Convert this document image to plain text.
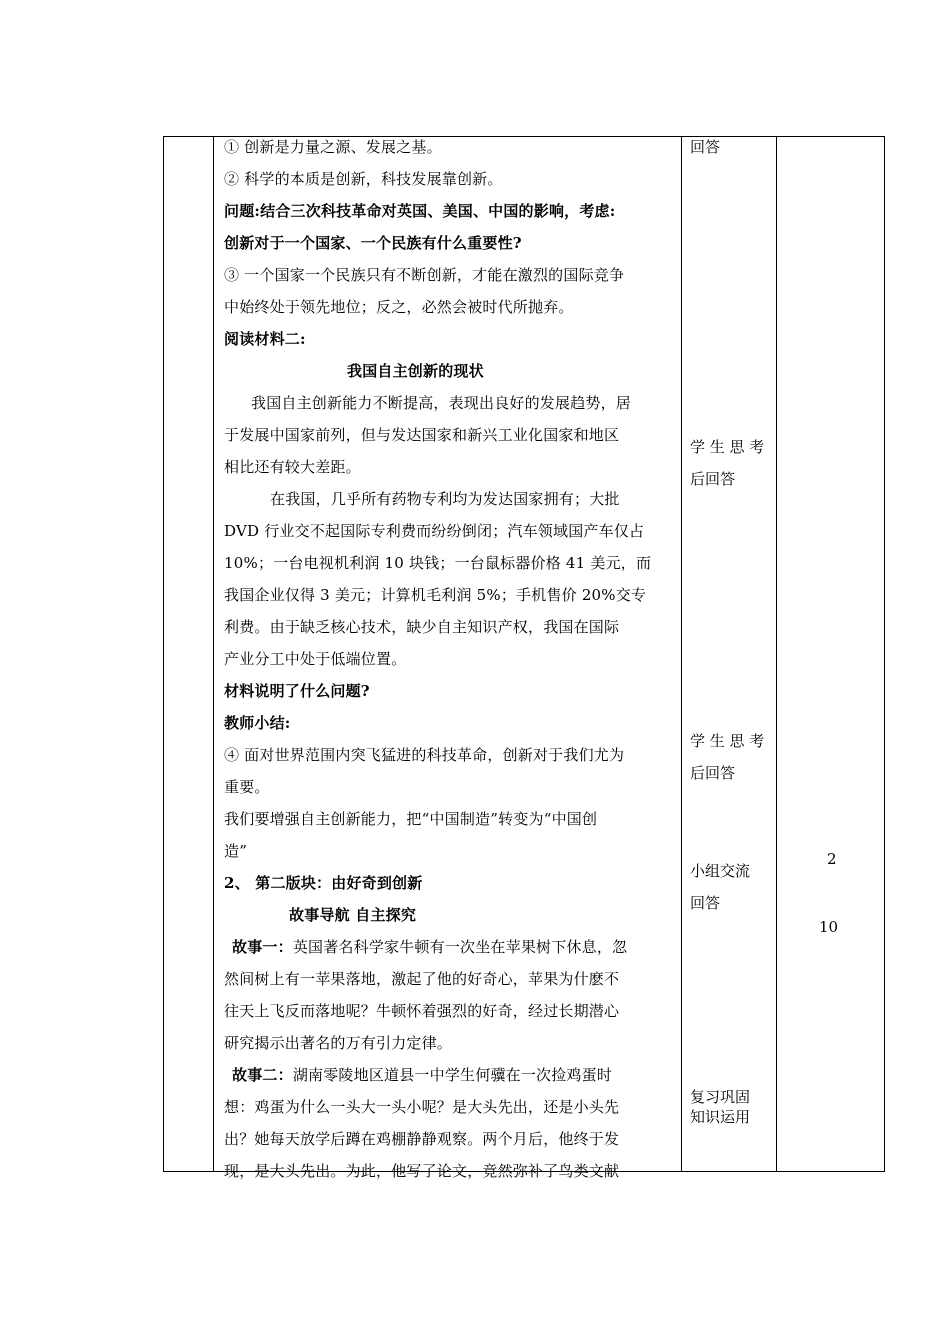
① 创新是力量之源、发展之基。
② 科学的本质是创新，科技发展靠创新。
问题:结合三次科技革命对英国、美国、中国的影响，考虑:
创新对于一个国家、一个民族有什么重要性?
③ 一个国家一个民族只有不断创新，才能在激烈的国际竞争
中始终处于领先地位；反之，必然会被时代所抛弃。
阅读材料二:
我国自主创新的现状
我国自主创新能力不断提高，表现出良好的发展趋势，居
于发展中国家前列，但与发达国家和新兴工业化国家和地区
相比还有较大差距。
在我国，几乎所有药物专利均为发达国家拥有；大批
DVD 行业交不起国际专利费而纷纷倒闭；汽车领域国产车仅占
10%；一台电视机利润 10 块钱；一台鼠标器价格 41 美元，而
我国企业仅得 3 美元；计算机毛利润 5%；手机售价 20%交专
利费。由于缺乏核心技术，缺少自主知识产权，我国在国际
产业分工中处于低端位置。
材料说明了什么问题?
教师小结:
④ 面对世界范围内突飞猛进的科技革命，创新对于我们尤为
重要。
我们要增强自主创新能力，把“中国制造”转变为“中国创
造”
2、 第二版块：由好奇到创新
故事导航 自主探究
故事一：英国著名科学家牛顿有一次坐在苹果树下休息，忽
然间树上有一苹果落地，激起了他的好奇心，苹果为什麽不
往天上飞反而落地呢？牛顿怀着强烈的好奇，经过长期潜心
研究揭示出著名的万有引力定律。
故事二：湖南零陵地区道县一中学生何骥在一次捡鸡蛋时
想：鸡蛋为什么一头大一头小呢？是大头先出，还是小头先
出？她每天放学后蹲在鸡棚静静观察。两个月后，他终于发
现，是大头先出。为此，他写了论文，竟然弥补了鸟类文献
回答
学 生 思 考
后回答
学 生 思 考
后回答
小组交流
回答
复习巩固
知识运用
2
10
